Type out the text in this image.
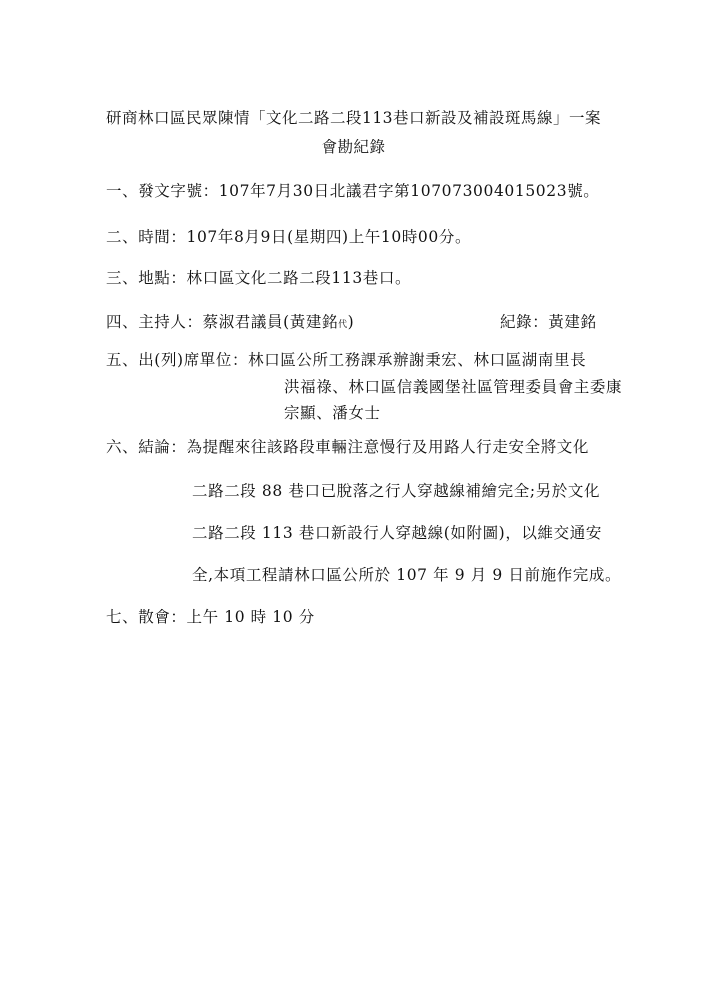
研商林口區民眾陳情「文化二路二段113巷口新設及補設斑馬線」一案
會勘紀錄
一、發文字號：107年7月30日北議君字第107073004015023號。
二、時間：107年8月9日(星期四)上午10時00分。
三、地點：林口區文化二路二段113巷口。
四、主持人：蔡淑君議員(黃建銘代)	紀錄：黃建銘
五、出(列)席單位：林口區公所工務課承辦謝秉宏、林口區湖南里長
洪福祿、林口區信義國堡社區管理委員會主委康
宗顯、潘女士
六、結論：為提醒來往該路段車輛注意慢行及用路人行走安全將文化
二路二段 88 巷口已脫落之行人穿越線補繪完全;另於文化
二路二段 113 巷口新設行人穿越線(如附圖)，以維交通安
全,本項工程請林口區公所於 107 年 9 月 9 日前施作完成。
七、散會：上午 10 時 10 分
